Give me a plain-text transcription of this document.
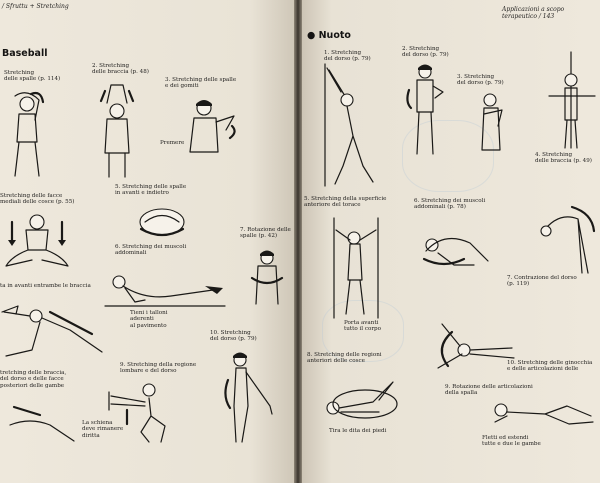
/ Sfruttu + Stretching
Baseball
Stretching
delle spalle (p. 114)
2. Stretching
delle braccia (p. 48)
3. Stretching delle spalle
e dei gomiti
Premere
Stretching delle facce
mediali delle cosce (p. 55)
5. Stretching delle spalle
in avanti e indietro
6. Stretching dei muscoli
addominali
Tieni i talloni
aderenti
al pavimento
7. Rotazione delle
spalle (p. 42)
ta in avanti entrambe le braccia
9. Stretching della regione
lombare e del dorso
La schiena
deve rimanere
diritta
10. Stretching
del dorso (p. 79)
tretching delle braccia,
del dorso e delle facce
posteriori delle gambe
Applicazioni a scopo terapeutico / 143
● Nuoto
1. Stretching
del dorso (p. 79)
2. Stretching
del dorso (p. 79)
3. Stretching
del dorso (p. 79)
4. Stretching
delle braccia (p. 49)
5. Stretching della superficie
anteriore del torace
Porta avanti
tutto il corpo
6. Stretching dei muscoli
addominali (p. 78)
7. Contrazione del dorso
(p. 119)
8. Stretching delle regioni
anteriori delle cosce
Tira le dita dei piedi
9. Rotazione delle articolazioni
della spalla
10. Stretching delle ginocchia
e delle articolazioni delle
Fletti ed estendi
tutte e due le gambe
